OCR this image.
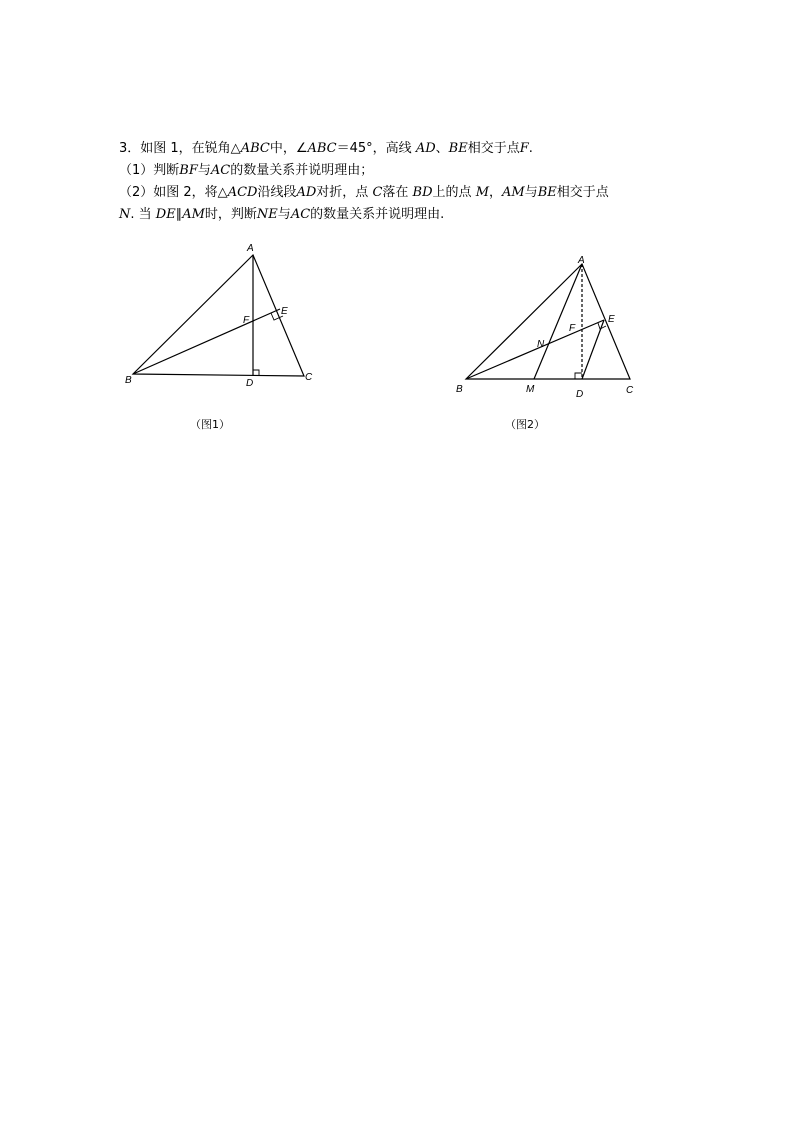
3．如图 1，在锐角△ABC中，∠ABC＝45°，高线 AD、BE相交于点F.

（1）判断BF与AC的数量关系并说明理由；

（2）如图 2，将△ACD沿线段AD对折，点 C落在 BD上的点 M，AM与BE相交于点

N. 当 DE∥AM时，判断NE与AC的数量关系并说明理由.

A
B	C
D
E
F
（图1）
A
B	C
D
E
F
M
N
（图2）
